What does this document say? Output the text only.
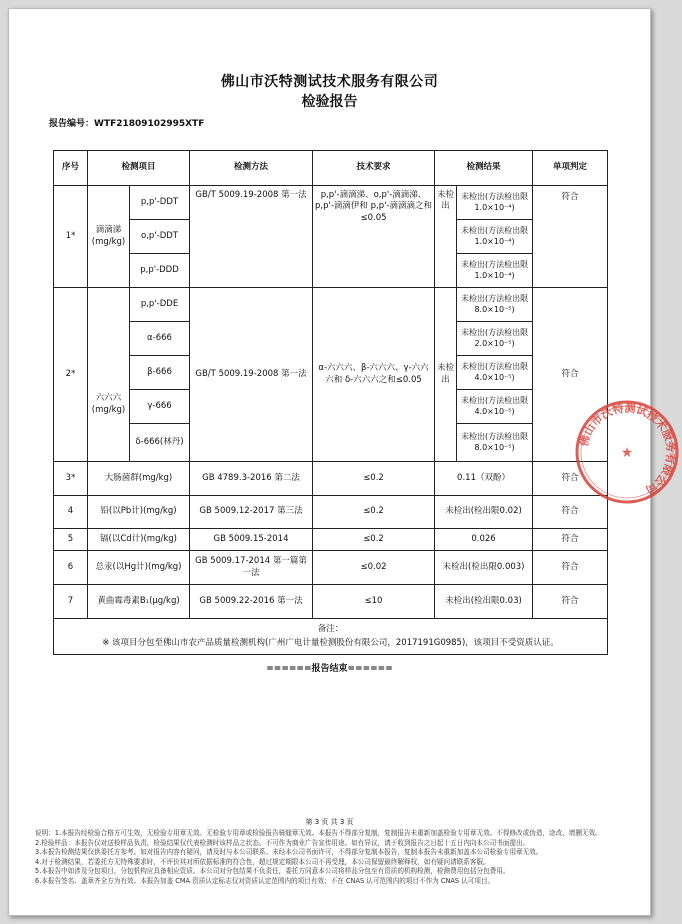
佛山市沃特测试技术服务有限公司
检验报告
报告编号：WTF21809102995XTF
序号	检测项目		检测方法	技术要求	检测结果		单项判定
1*	滴滴涕(mg/kg)	p,p'-DDT	GB/T 5009.19-2008 第一法	p,p'-滴滴涕、o,p'-滴滴涕、p,p'-滴滴伊和 p,p'-滴滴滴之和≤0.05	未检出	未检出(方法检出限1.0×10⁻⁴)	符合
		o,p'-DDT				未检出(方法检出限1.0×10⁻⁴)	
		p,p'-DDD				未检出(方法检出限1.0×10⁻⁴)	
2*	六六六(mg/kg)	p,p'-DDE	GB/T 5009.19-2008 第一法	α-六六六、β-六六六、γ-六六六和 δ-六六六之和≤0.05	未检出	未检出(方法检出限8.0×10⁻⁵)	符合
		α-666				未检出(方法检出限2.0×10⁻⁵)	
		β-666				未检出(方法检出限4.0×10⁻⁵)	
		γ-666				未检出(方法检出限4.0×10⁻⁵)	
		δ-666(林丹)				未检出(方法检出限8.0×10⁻⁵)	
3*	大肠菌群(mg/kg)		GB 4789.3-2016 第二法	≤0.2	0.11（双酚）		符合
4	铅(以Pb计)(mg/kg)		GB 5009.12-2017 第三法	≤0.2	未检出(检出限0.02)		符合
5	镉(以Cd计)(mg/kg)		GB 5009.15-2014	≤0.2	0.026		符合
6	总汞(以Hg计)(mg/kg)		GB 5009.17-2014 第一篇第一法	≤0.02	未检出(检出限0.003)		符合
7	黄曲霉毒素B₁(μg/kg)		GB 5009.22-2016 第一法	≤10	未检出(检出限0.03)		符合

备注：
※ 该项目分包至佛山市农产品质量检测机构(广州广电计量检测股份有限公司，2017191G0985)，该项目不受资质认证。							
======报告结束======
第 3 页 共 3 页
说明：1.本报告经检验合格方可生效，无检验专用章无效。无检验专用章或检验报告骑缝章无效。本报告不得部分复制，复制报告未重新加盖检验专用章无效。不得修改或伪造，涂改、增删无效。
2.检验样品：本报告仅对送检样品负责，检验结果仅代表检测时该样品之状态。不可作为商业广告宣传用途。如有异议，请于收到报告之日起十五日内向本公司书面提出。
3.本报告检测结果仅供委托方参考。如对报告内容有疑问，请及时与本公司联系。未经本公司书面许可，不得部分复制本报告，复制本报告未重新加盖本公司检验专用章无效。
4.对于检测结果，若委托方无特殊要求时，不评价其对所依据标准的符合性，超过规定期限本公司不再受理，本公司保留最终解释权，如有疑问请联系客服。
5.本报告中如涉及分包项目，分包机构应具备相应资质。本公司对分包结果不负责任，委托方同意本公司将样品分包至有资质的机构检测，检测费用包括分包费用。
6.本报告签名、盖章齐全方为有效。本报告加盖 CMA 资质认定标志仅对资质认定范围内的项目有效；不在 CNAS 认可范围内的项目不作为 CNAS 认可项目。
佛山市沃特测试技术服务有限公司
★
